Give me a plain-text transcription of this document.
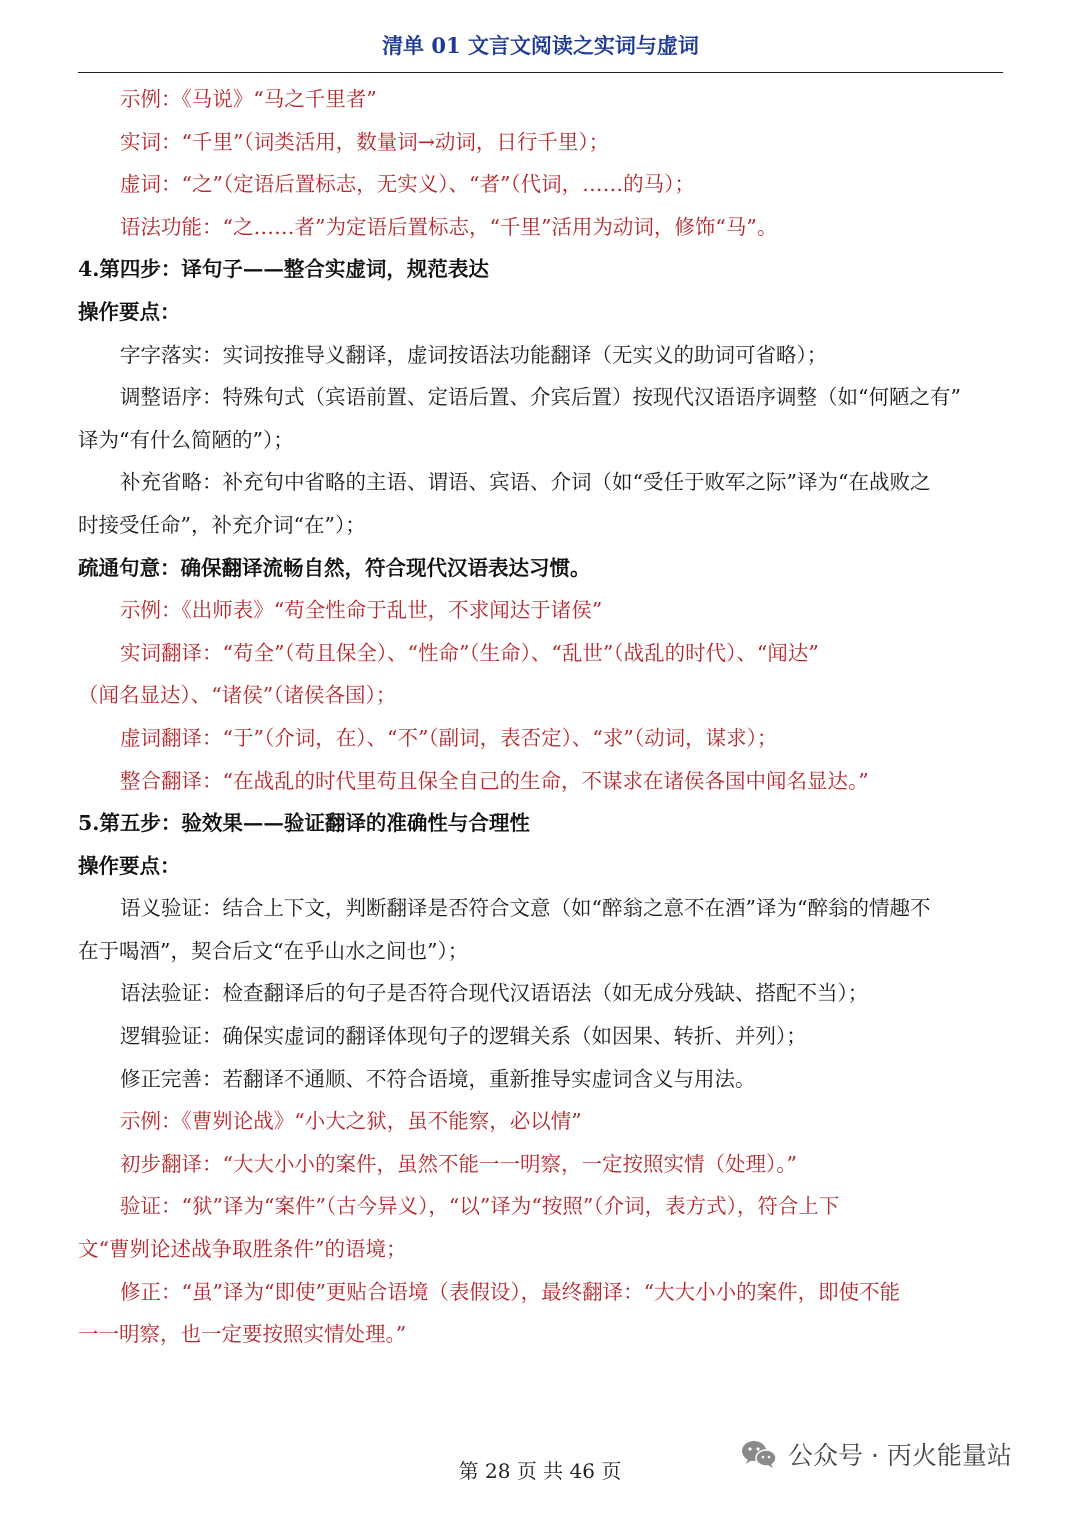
清单 01 文言文阅读之实词与虚词
示例：《马说》“马之千里者”
实词：“千里”（词类活用，数量词→动词，日行千里）；
虚词：“之”（定语后置标志，无实义）、“者”（代词，……的马）；
语法功能：“之……者”为定语后置标志，“千里”活用为动词，修饰“马”。
4.第四步：译句子——整合实虚词，规范表达
操作要点：
字字落实：实词按推导义翻译，虚词按语法功能翻译（无实义的助词可省略）；
调整语序：特殊句式（宾语前置、定语后置、介宾后置）按现代汉语语序调整（如“何陋之有”
译为“有什么简陋的”）；
补充省略：补充句中省略的主语、谓语、宾语、介词（如“受任于败军之际”译为“在战败之
时接受任命”，补充介词“在”）；
疏通句意：确保翻译流畅自然，符合现代汉语表达习惯。
示例：《出师表》“苟全性命于乱世，不求闻达于诸侯”
实词翻译：“苟全”（苟且保全）、“性命”（生命）、“乱世”（战乱的时代）、“闻达”
（闻名显达）、“诸侯”（诸侯各国）；
虚词翻译：“于”（介词，在）、“不”（副词，表否定）、“求”（动词，谋求）；
整合翻译：“在战乱的时代里苟且保全自己的生命，不谋求在诸侯各国中闻名显达。”
5.第五步：验效果——验证翻译的准确性与合理性
操作要点：
语义验证：结合上下文，判断翻译是否符合文意（如“醉翁之意不在酒”译为“醉翁的情趣不
在于喝酒”，契合后文“在乎山水之间也”）；
语法验证：检查翻译后的句子是否符合现代汉语语法（如无成分残缺、搭配不当）；
逻辑验证：确保实虚词的翻译体现句子的逻辑关系（如因果、转折、并列）；
修正完善：若翻译不通顺、不符合语境，重新推导实虚词含义与用法。
示例：《曹刿论战》“小大之狱，虽不能察，必以情”
初步翻译：“大大小小的案件，虽然不能一一明察，一定按照实情（处理）。”
验证：“狱”译为“案件”（古今异义），“以”译为“按照”（介词，表方式），符合上下
文“曹刿论述战争取胜条件”的语境；
修正：“虽”译为“即使”更贴合语境（表假设），最终翻译：“大大小小的案件，即使不能
一一明察，也一定要按照实情处理。”
第 28 页 共 46 页
公众号 · 丙火能量站
